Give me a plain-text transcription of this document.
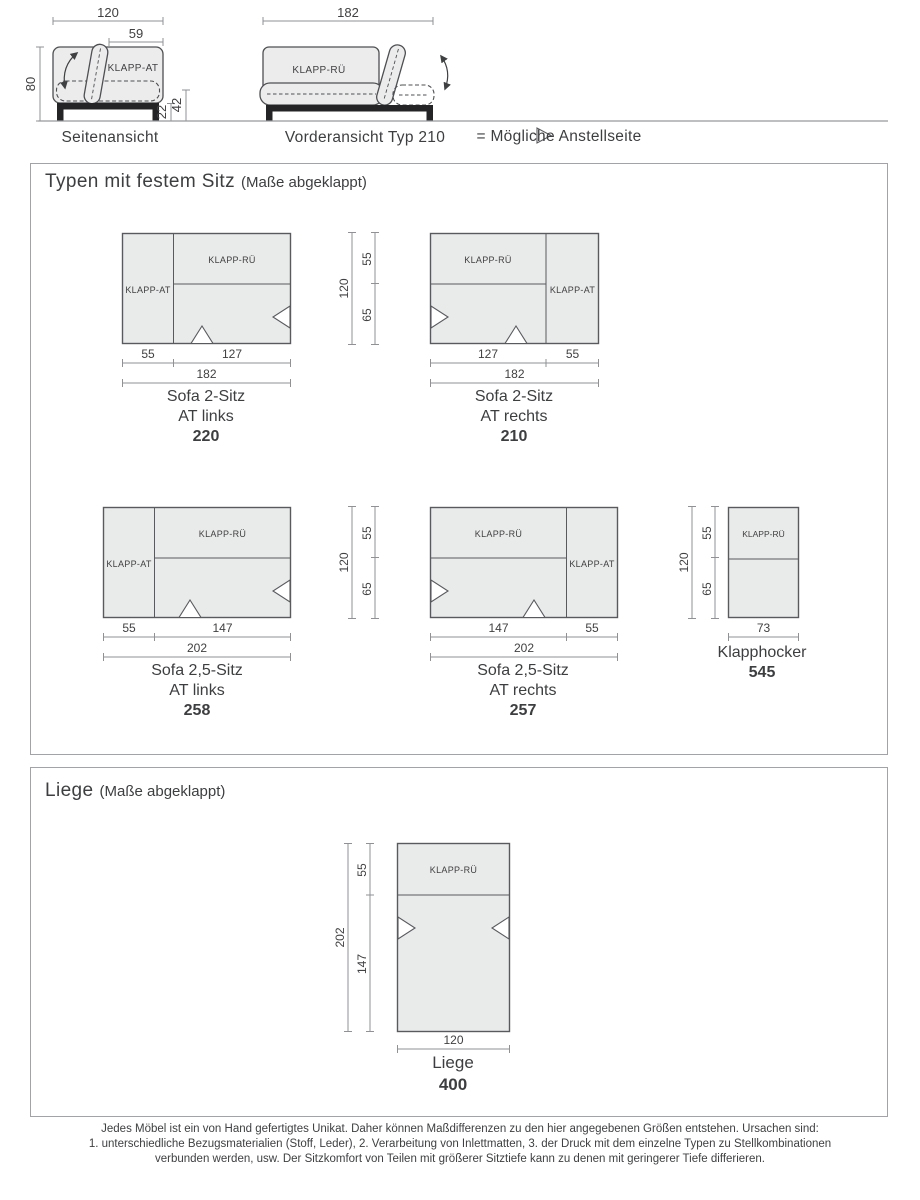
120
59
80
KLAPP-AT
22 42
182
KLAPP-RÜ
Seitenansicht	Vorderansicht Typ 210 = Mögliche Anstellseite
Typen mit festem Sitz (Maße abgeklappt)
KLAPP-AT
KLAPP-RÜ
55	127
182
Sofa 2-Sitz
AT links
220
120
55
65
KLAPP-RÜ
KLAPP-AT
127	55
182
Sofa 2-Sitz
AT rechts
210
KLAPP-AT
KLAPP-RÜ
55	147
202
Sofa 2,5-Sitz
AT links
258
120
55
65
KLAPP-RÜ
KLAPP-AT
147	55
202
Sofa 2,5-Sitz
AT rechts
257
120
55
65
KLAPP-RÜ
73
Klapphocker
545
Liege (Maße abgeklappt)
202
55
147
KLAPP-RÜ
120
Liege
400
Jedes Möbel ist ein von Hand gefertigtes Unikat. Daher können Maßdifferenzen zu den hier angegebenen Größen entstehen. Ursachen sind:
1. unterschiedliche Bezugsmaterialien (Stoff, Leder), 2. Verarbeitung von Inlettmatten, 3. der Druck mit dem einzelne Typen zu Stellkombinationen
verbunden werden, usw. Der Sitzkomfort von Teilen mit größerer Sitztiefe kann zu denen mit geringerer Tiefe differieren.
